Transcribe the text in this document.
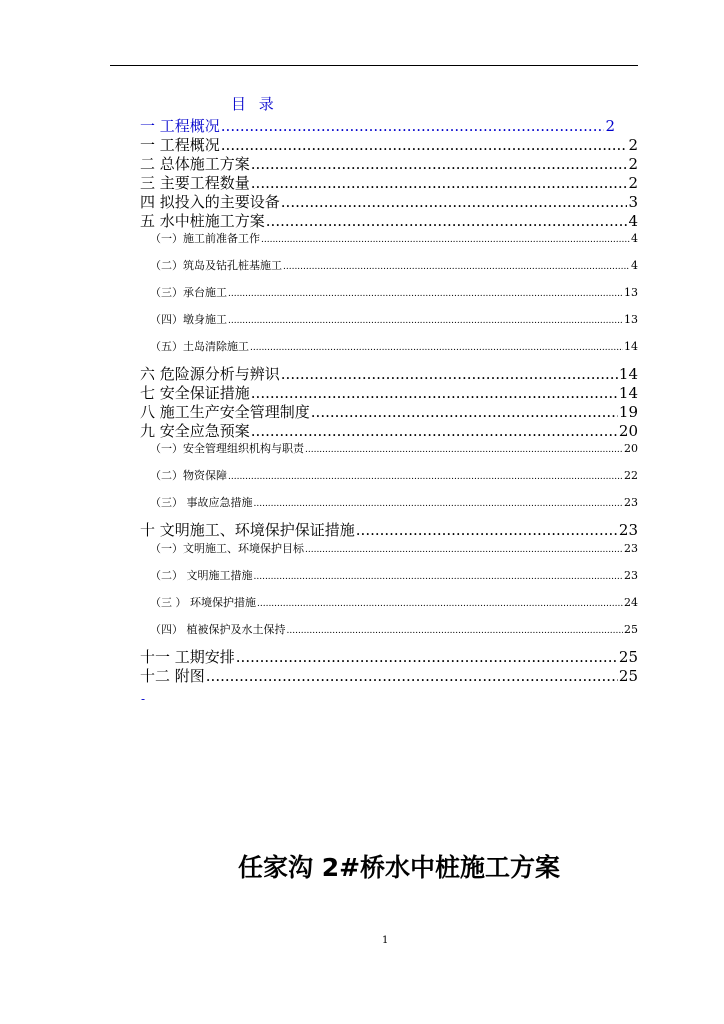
目 录
一 工程概况 .....	2
一 工程概况 .....	2
二 总体施工方案 .....	2
三 主要工程数量 .....	2
四 拟投入的主要设备 .....	3
五 水中桩施工方案 .....	4
（一）施工前准备工作 .....	4
（二）筑岛及钻孔桩基施工 .....	4
（三）承台施工 .....	13
（四）墩身施工 .....	13
（五）土岛清除施工 .....	14
六 危险源分析与辨识 .....	14
七 安全保证措施 .....	14
八 施工生产安全管理制度 .....	19
九 安全应急预案 .....	20
（一）安全管理组织机构与职责 .....	20
（二）物资保障 .....	22
（三） 事故应急措施 .....	23
十 文明施工、环境保护保证措施 .....	23
（一）文明施工、环境保护目标 .....	23
（二） 文明施工措施 .....	23
（三 ） 环境保护措施 .....	24
（四） 植被保护及水土保持 .....	25
十一 工期安排 .....	25
十二 附图 .....	25
-
任家沟 2#桥水中桩施工方案
1
